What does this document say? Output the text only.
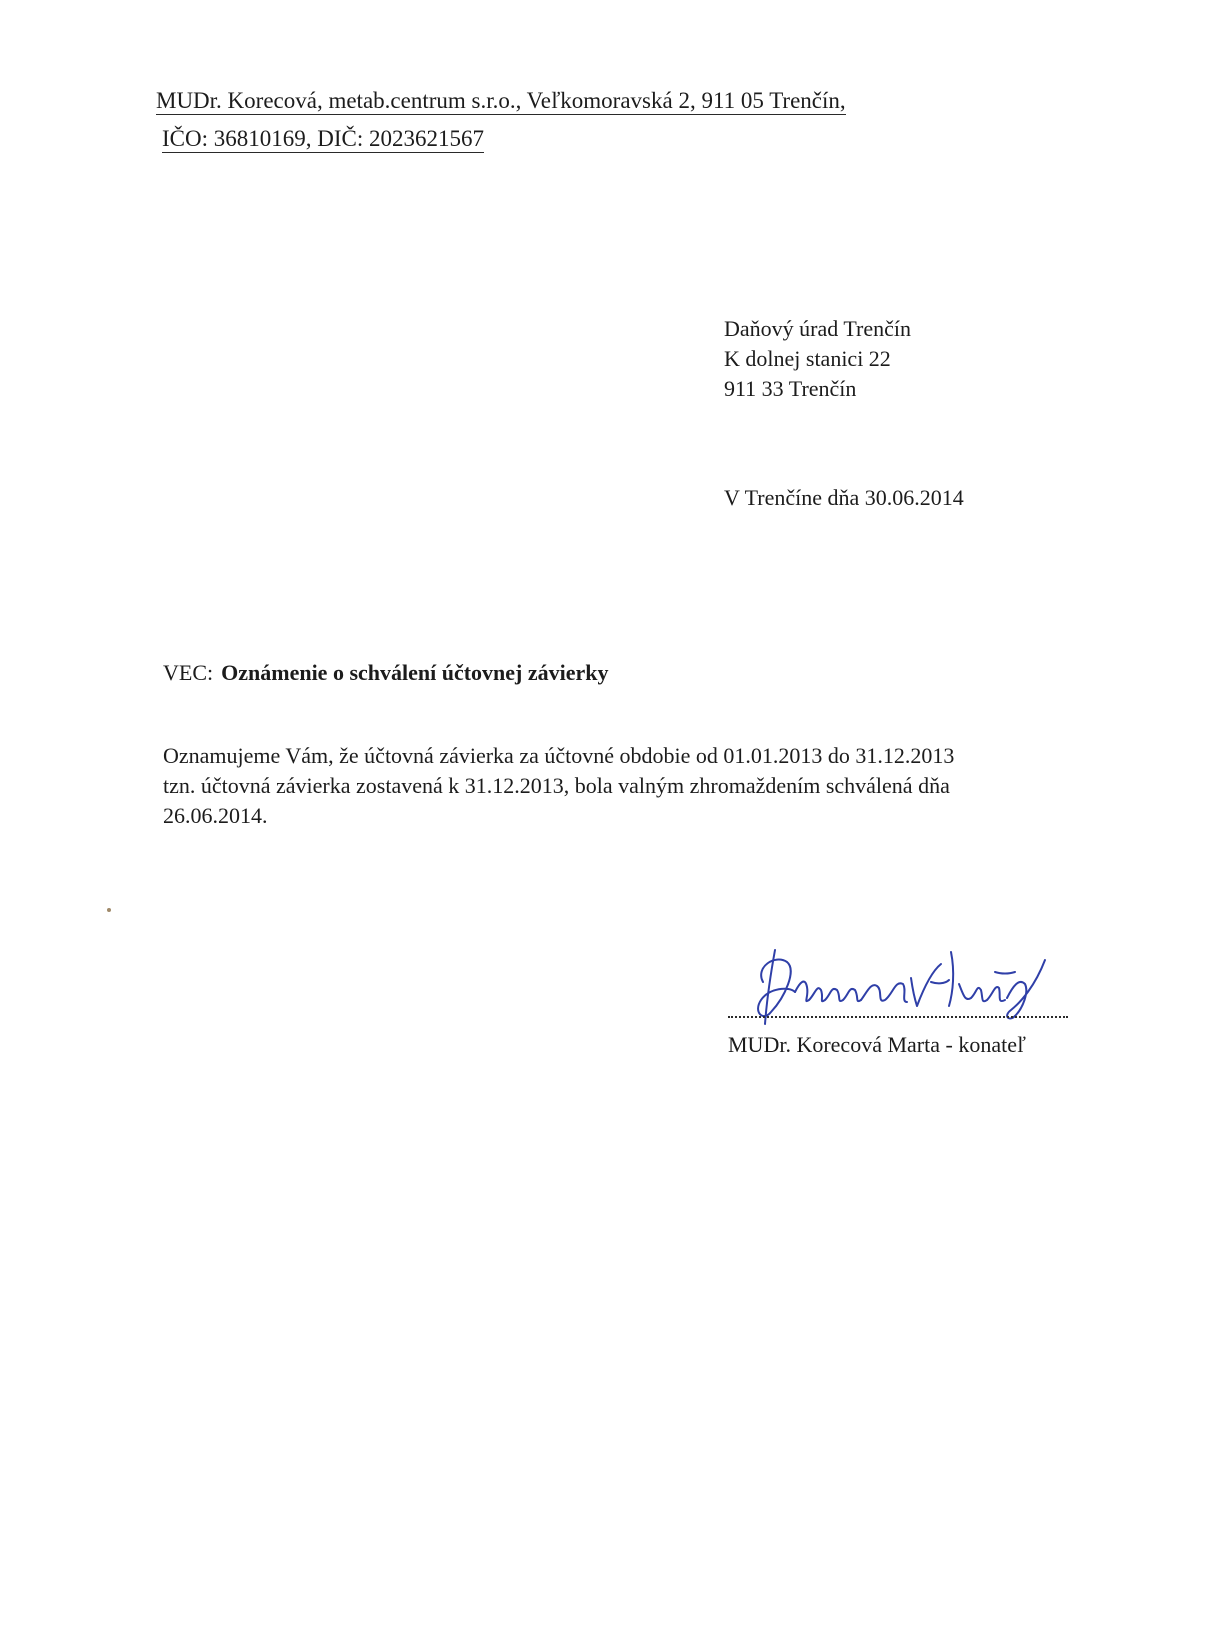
MUDr. Korecová, metab.centrum s.r.o., Veľkomoravská 2, 911 05 Trenčín,
IČO: 36810169, DIČ: 2023621567
Daňový úrad Trenčín
K dolnej stanici 22
911 33 Trenčín
V Trenčíne dňa 30.06.2014
VEC: Oznámenie o schválení účtovnej závierky
Oznamujeme Vám, že účtovná závierka za účtovné obdobie od 01.01.2013 do 31.12.2013
tzn. účtovná závierka zostavená k 31.12.2013, bola valným zhromaždením schválená dňa
26.06.2014.
MUDr. Korecová Marta - konateľ
